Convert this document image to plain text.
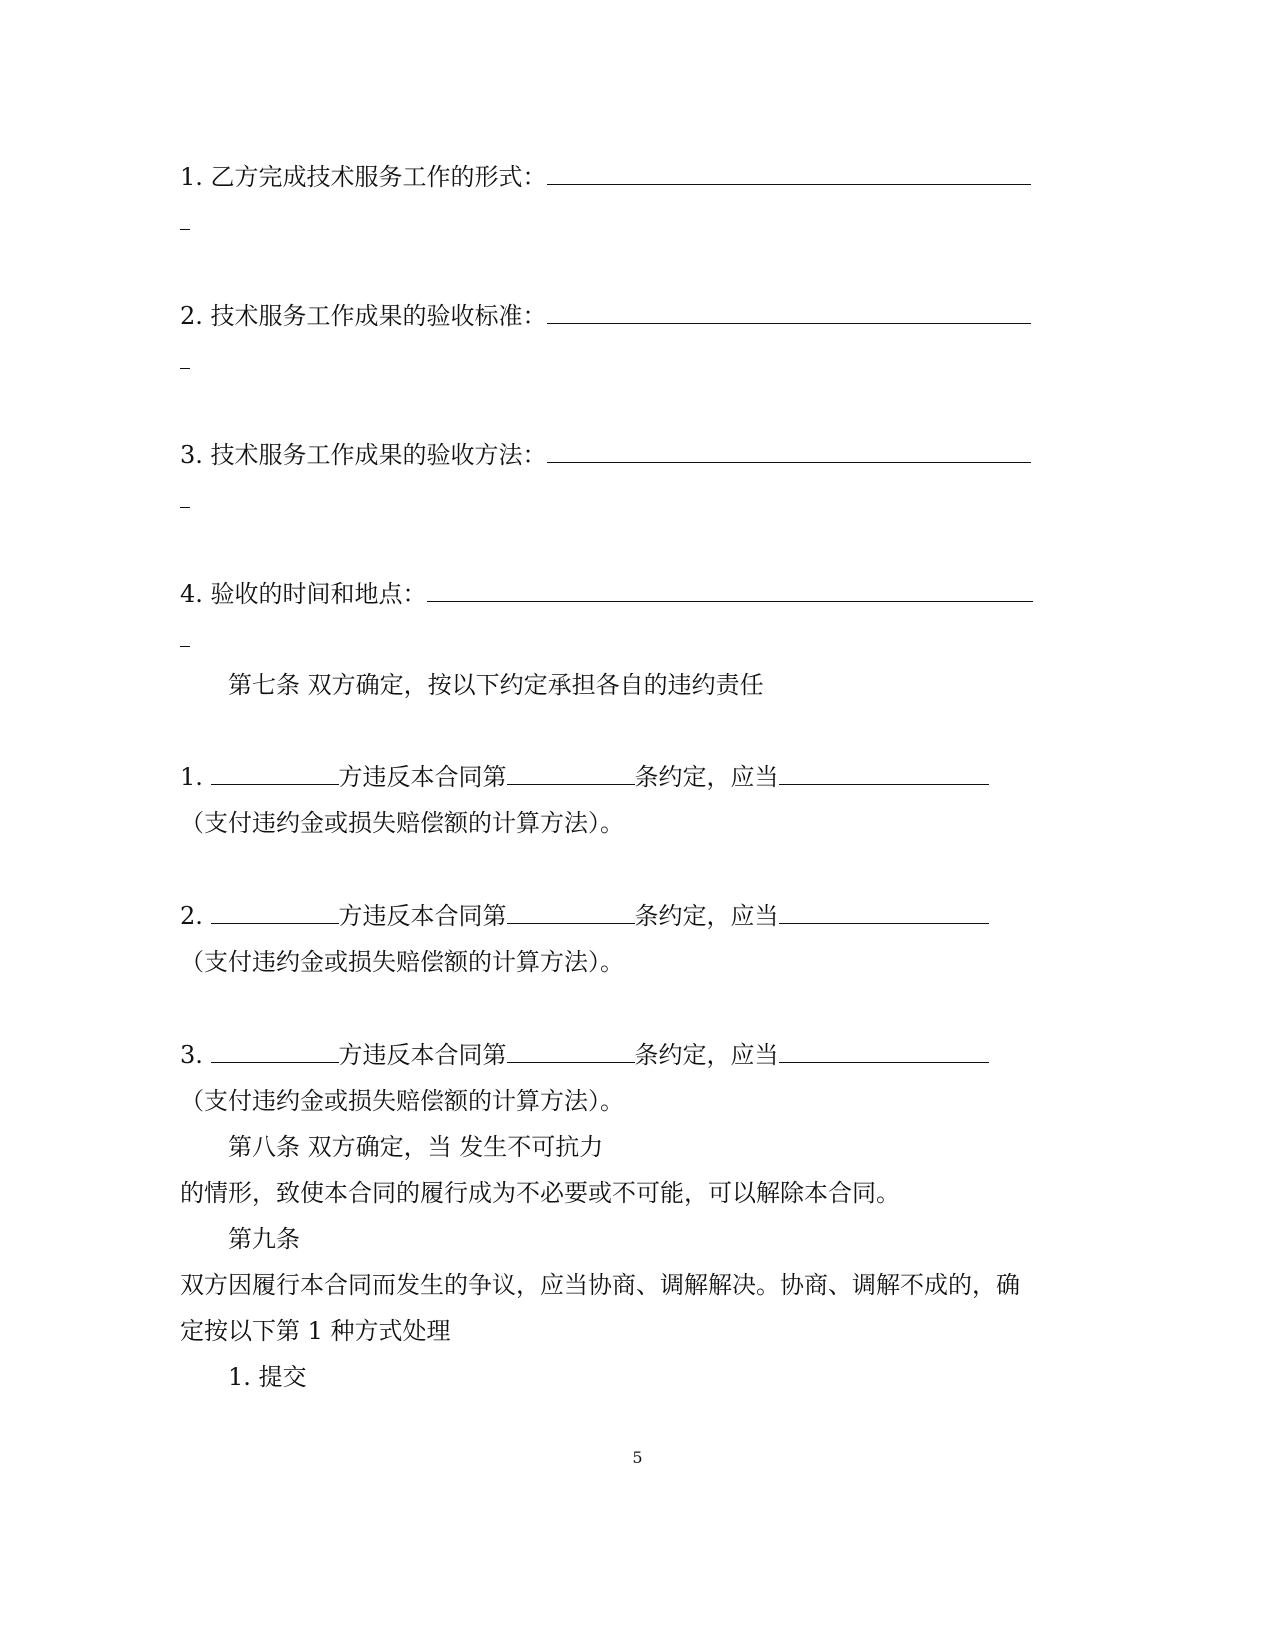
1. 乙方完成技术服务工作的形式：
2. 技术服务工作成果的验收标准：
3. 技术服务工作成果的验收方法：
4. 验收的时间和地点：
第七条 双方确定，按以下约定承担各自的违约责任
1.	方违反本合同第	条约定，应当
（支付违约金或损失赔偿额的计算方法）。
2.	方违反本合同第	条约定，应当
（支付违约金或损失赔偿额的计算方法）。
3.	方违反本合同第	条约定，应当
（支付违约金或损失赔偿额的计算方法）。
第八条 双方确定，当 发生不可抗力
的情形，致使本合同的履行成为不必要或不可能，可以解除本合同。
第九条
双方因履行本合同而发生的争议，应当协商、调解解决。协商、调解不成的，确
定按以下第 1 种方式处理
1. 提交
5
